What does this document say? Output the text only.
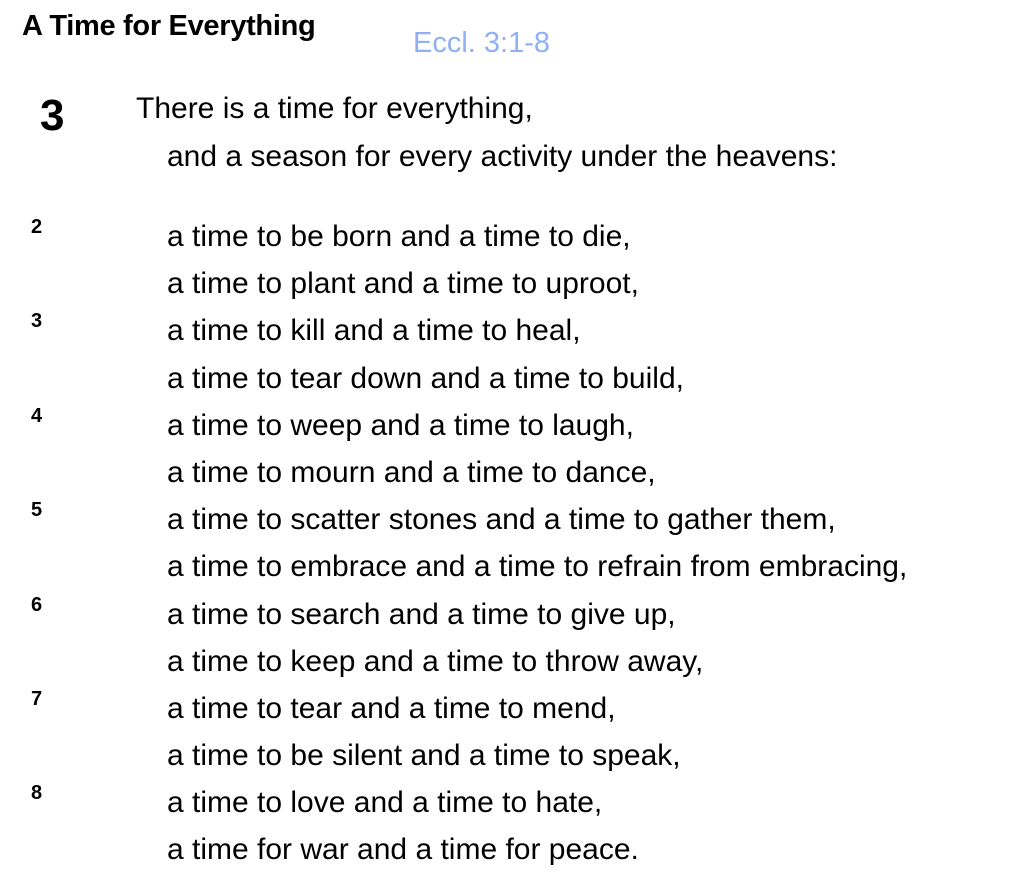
A Time for Everything
Eccl. 3:1-8
3 There is a time for everything,
and a season for every activity under the heavens:
2	a time to be born and a time to die,
a time to plant and a time to uproot,
3	a time to kill and a time to heal,
a time to tear down and a time to build,
4	a time to weep and a time to laugh,
a time to mourn and a time to dance,
5	a time to scatter stones and a time to gather them,
a time to embrace and a time to refrain from embracing,
6	a time to search and a time to give up,
a time to keep and a time to throw away,
7	a time to tear and a time to mend,
a time to be silent and a time to speak,
8	a time to love and a time to hate,
a time for war and a time for peace.
